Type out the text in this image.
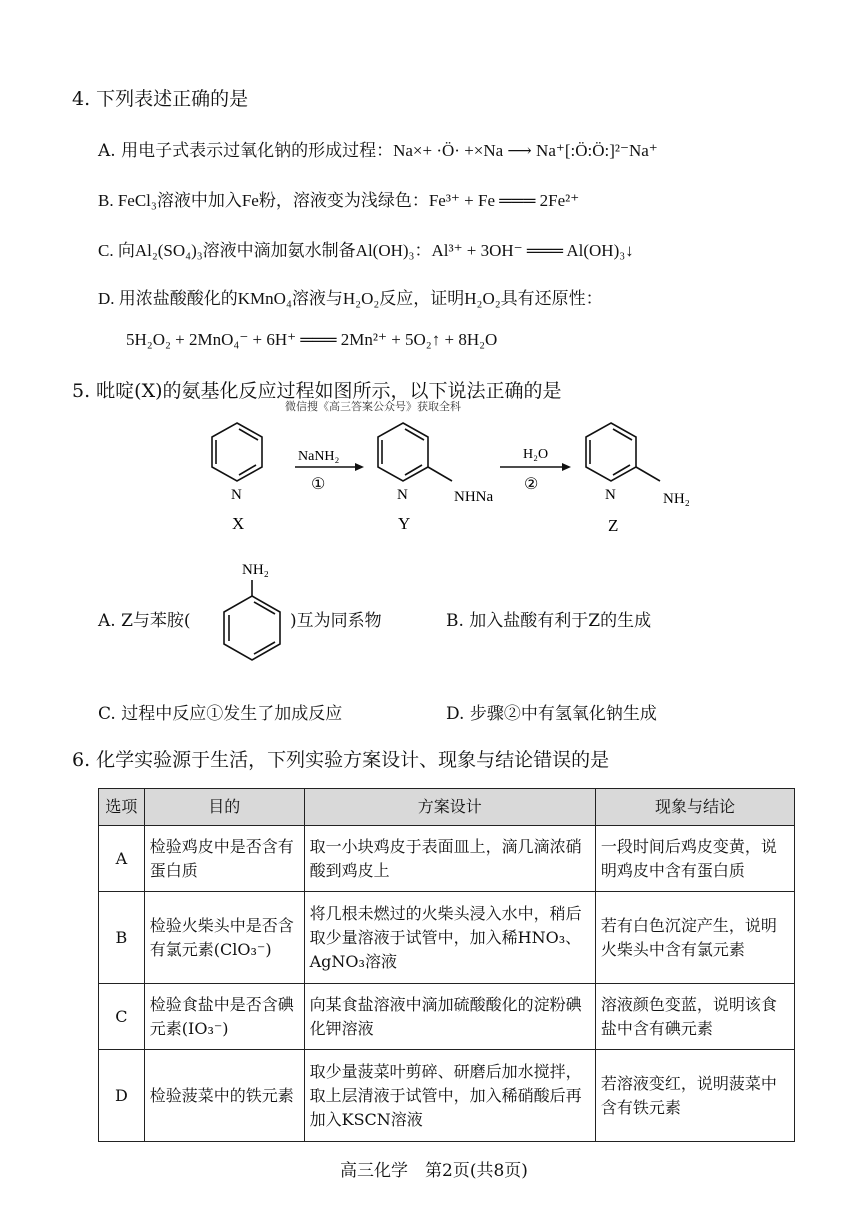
4. 下列表述正确的是
A. 用电子式表示过氧化钠的形成过程：Na×+ ·Ö· +×Na ⟶ Na⁺[:Ö:Ö:]²⁻Na⁺
B. FeCl₃溶液中加入Fe粉，溶液变为浅绿色：Fe³⁺ + Fe ═══ 2Fe²⁺
C. 向Al₂(SO₄)₃溶液中滴加氨水制备Al(OH)₃：Al³⁺ + 3OH⁻ ═══ Al(OH)₃↓
D. 用浓盐酸酸化的KMnO₄溶液与H₂O₂反应，证明H₂O₂具有还原性：
5H₂O₂ + 2MnO₄⁻ + 6H⁺ ═══ 2Mn²⁺ + 5O₂↑ + 8H₂O
5. 吡啶(X)的氨基化反应过程如图所示，以下说法正确的是
微信搜《高三答案公众号》获取全科
N
X
NaNH₂
①
N	NHNa
Y
H₂O
②
N	NH₂
Z
A. Z与苯胺(
NH₂
)互为同系物	B. 加入盐酸有利于Z的生成
C. 过程中反应①发生了加成反应	D. 步骤②中有氢氧化钠生成
6. 化学实验源于生活，下列实验方案设计、现象与结论错误的是
选项	目的	方案设计	现象与结论
A	检验鸡皮中是否含有蛋白质	取一小块鸡皮于表面皿上，滴几滴浓硝酸到鸡皮上	一段时间后鸡皮变黄，说明鸡皮中含有蛋白质
B	检验火柴头中是否含有氯元素(ClO₃⁻)	将几根未燃过的火柴头浸入水中，稍后取少量溶液于试管中，加入稀HNO₃、AgNO₃溶液	若有白色沉淀产生，说明火柴头中含有氯元素
C	检验食盐中是否含碘元素(IO₃⁻)	向某食盐溶液中滴加硫酸酸化的淀粉碘化钾溶液	溶液颜色变蓝，说明该食盐中含有碘元素
D	检验菠菜中的铁元素	取少量菠菜叶剪碎、研磨后加水搅拌，取上层清液于试管中，加入稀硝酸后再加入KSCN溶液	若溶液变红，说明菠菜中含有铁元素
高三化学　第2页(共8页)
